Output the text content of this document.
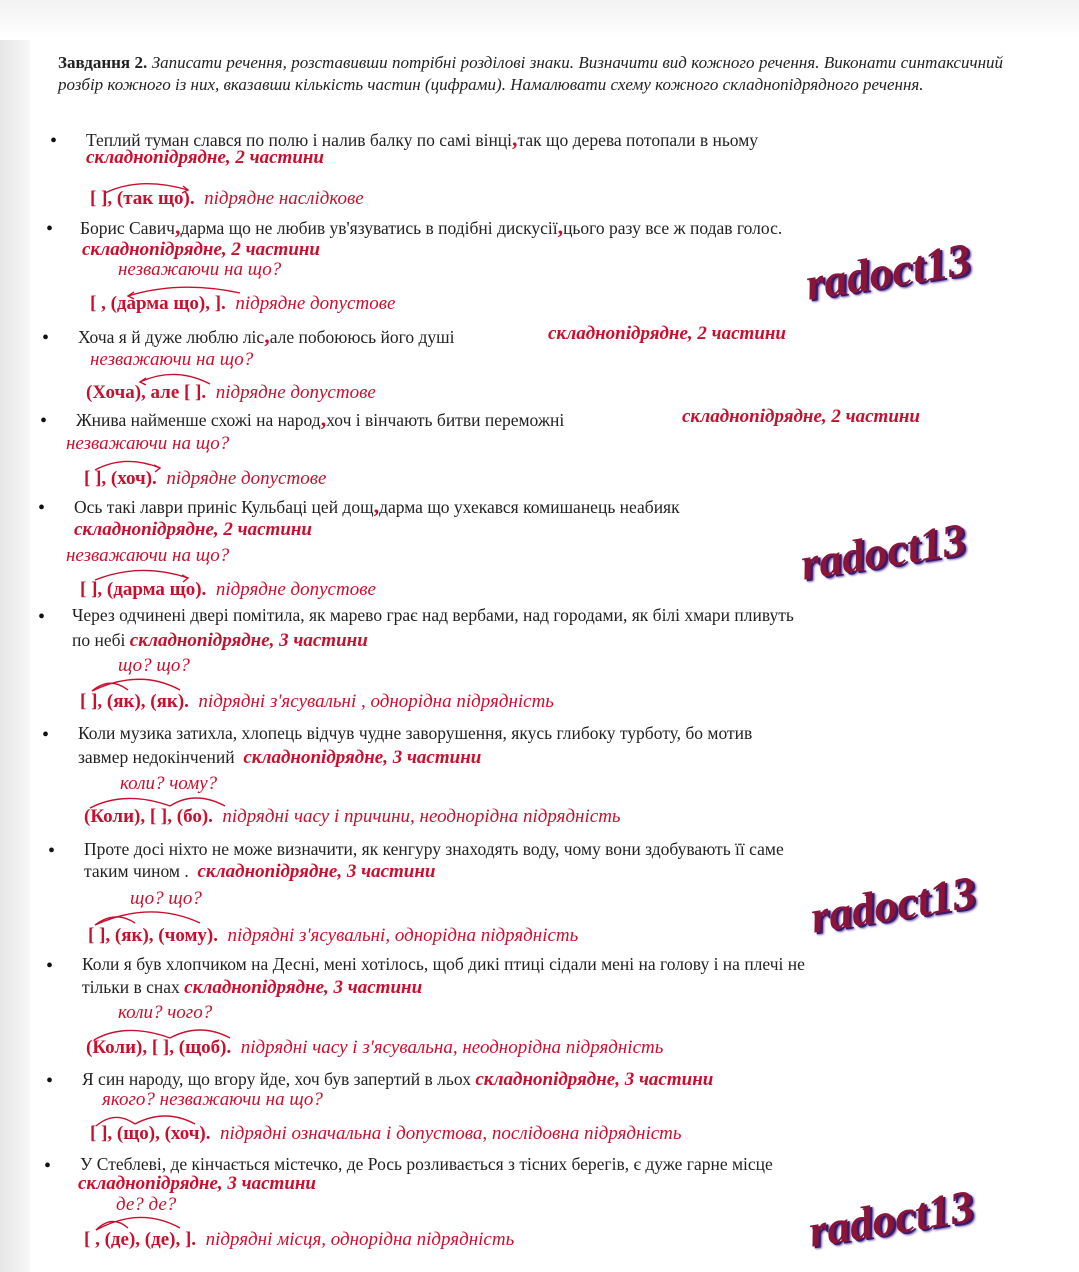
Завдання 2. Записати речення, розставивши потрібні розділові знаки. Визначити вид кожного речення. Виконати синтаксичний розбір кожного із них, вказавши кількість частин (цифрами). Намалювати схему кожного складнопідрядного речення.
• Теплий туман слався по полю і налив балку по самі вінці,так що дерева потопали в ньому
складнопідрядне, 2 частини
[ ], (так що). підрядне наслідкове
• Борис Савич,дарма що не любив ув'язуватись в подібні дискусії,цього разу все ж подав голос.
складнопідрядне, 2 частини
незважаючи на що?
[ , (дарма що), ]. підрядне допустове
• Хоча я й дуже люблю ліс,але побоююсь його душі	складнопідрядне, 2 частини
незважаючи на що?
(Хоча), але [ ]. підрядне допустове
• Жнива найменше схожі на народ,хоч і вінчають битви переможні	складнопідрядне, 2 частини
незважаючи на що?
[ ], (хоч). підрядне допустове
• Ось такі лаври приніс Кульбаці цей дощ,дарма що ухекався комишанець неабияк
складнопідрядне, 2 частини
незважаючи на що?
[ ], (дарма що). підрядне допустове
• Через одчинені двері помітила, як марево грає над вербами, над городами, як білі хмари пливуть
по небі складнопідрядне, 3 частини
що? що?
[ ], (як), (як). підрядні з'ясувальні , однорідна підрядність
• Коли музика затихла, хлопець відчув чудне заворушення, якусь глибоку турботу, бо мотив
завмер недокінчений складнопідрядне, 3 частини
коли? чому?
(Коли), [ ], (бо). підрядні часу і причини, неоднорідна підрядність
• Проте досі ніхто не може визначити, як кенгуру знаходять воду, чому вони здобувають її саме
таким чином . складнопідрядне, 3 частини
що? що?
[ ], (як), (чому). підрядні з'ясувальні, однорідна підрядність
• Коли я був хлопчиком на Десні, мені хотілось, щоб дикі птиці сідали мені на голову і на плечі не
тільки в снах складнопідрядне, 3 частини
коли? чого?
(Коли), [ ], (щоб). підрядні часу і з'ясувальна, неоднорідна підрядність
• Я син народу, що вгору йде, хоч був запертий в льох складнопідрядне, 3 частини
якого? незважаючи на що?
[ ], (що), (хоч). підрядні означальна і допустова, послідовна підрядність
• У Стеблеві, де кінчається містечко, де Рось розливається з тісних берегів, є дуже гарне місце
складнопідрядне, 3 частини
де? де?
[ , (де), (де), ]. підрядні місця, однорідна підрядність
radoct13
radoct13
radoct13
radoct13
